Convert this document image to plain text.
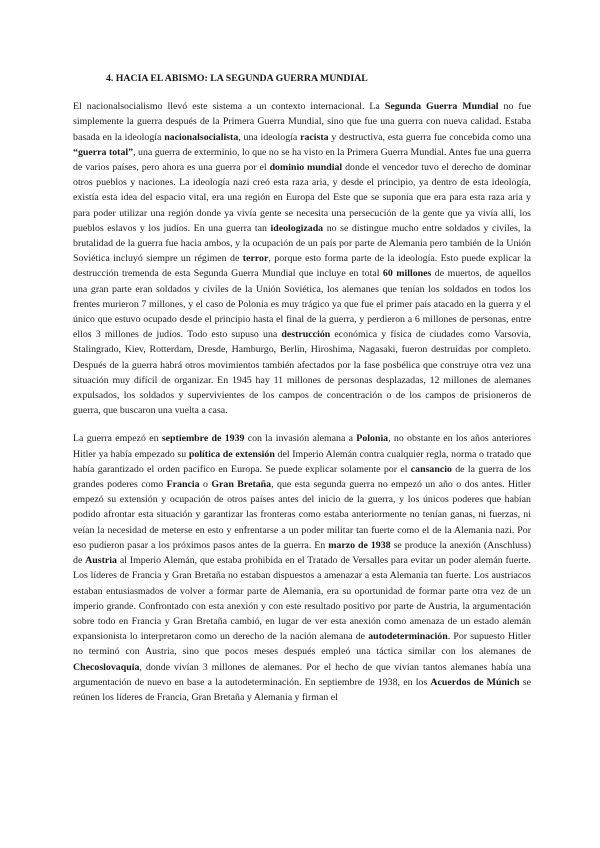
4. HACIA EL ABISMO: LA SEGUNDA GUERRA MUNDIAL

El nacionalsocialismo llevó este sistema a un contexto internacional. La Segunda Guerra Mundial no fue simplemente la guerra después de la Primera Guerra Mundial, sino que fue una guerra con nueva calidad. Estaba basada en la ideología nacionalsocialista, una ideología racista y destructiva, esta guerra fue concebida como una “guerra total”, una guerra de exterminio, lo que no se ha visto en la Primera Guerra Mundial. Antes fue una guerra de varios países, pero ahora es una guerra por el dominio mundial donde el vencedor tuvo el derecho de dominar otros pueblos y naciones. La ideología nazi creó esta raza aria, y desde el principio, ya dentro de esta ideología, existía esta idea del espacio vital, era una región en Europa del Este que se suponía que era para esta raza aria y para poder utilizar una región donde ya vivía gente se necesita una persecución de la gente que ya vivía allí, los pueblos eslavos y los judíos. En una guerra tan ideologizada no se distingue mucho entre soldados y civiles, la brutalidad de la guerra fue hacia ambos, y la ocupación de un país por parte de Alemania pero también de la Unión Soviética incluyó siempre un régimen de terror, porque esto forma parte de la ideología. Esto puede explicar la destrucción tremenda de esta Segunda Guerra Mundial que incluye en total 60 millones de muertos, de aquellos una gran parte eran soldados y civiles de la Unión Soviética, los alemanes que tenían los soldados en todos los frentes murieron 7 millones, y el caso de Polonia es muy trágico ya que fue el primer país atacado en la guerra y el único que estuvo ocupado desde el principio hasta el final de la guerra, y perdieron a 6 millones de personas, entre ellos 3 millones de judíos. Todo esto supuso una destrucción económica y física de ciudades como Varsovia, Stalingrado, Kiev, Rotterdam, Dresde, Hamburgo, Berlín, Hiroshima, Nagasaki, fueron destruidas por completo. Después de la guerra habrá otros movimientos también afectados por la fase posbélica que construye otra vez una situación muy difícil de organizar. En 1945 hay 11 millones de personas desplazadas, 12 millones de alemanes expulsados, los soldados y supervivientes de los campos de concentración o de los campos de prisioneros de guerra, que buscaron una vuelta a casa.

La guerra empezó en septiembre de 1939 con la invasión alemana a Polonia, no obstante en los años anteriores Hitler ya había empezado su política de extensión del Imperio Alemán contra cualquier regla, norma o tratado que había garantizado el orden pacífico en Europa. Se puede explicar solamente por el cansancio de la guerra de los grandes poderes como Francia o Gran Bretaña, que esta segunda guerra no empezó un año o dos antes. Hitler empezó su extensión y ocupación de otros países antes del inicio de la guerra, y los únicos poderes que habían podido afrontar esta situación y garantizar las fronteras como estaba anteriormente no tenían ganas, ni fuerzas, ni veían la necesidad de meterse en esto y enfrentarse a un poder militar tan fuerte como el de la Alemania nazi. Por eso pudieron pasar a los próximos pasos antes de la guerra. En marzo de 1938 se produce la anexión (Anschluss) de Austria al Imperio Alemán, que estaba prohibida en el Tratado de Versalles para evitar un poder alemán fuerte. Los líderes de Francia y Gran Bretaña no estaban dispuestos a amenazar a esta Alemania tan fuerte. Los austriacos estaban entusiasmados de volver a formar parte de Alemania, era su oportunidad de formar parte otra vez de un imperio grande. Confrontado con esta anexión y con este resultado positivo por parte de Austria, la argumentación sobre todo en Francia y Gran Bretaña cambió, en lugar de ver esta anexión como amenaza de un estado alemán expansionista lo interpretaron como un derecho de la nación alemana de autodeterminación. Por supuesto Hitler no terminó con Austria, sino que pocos meses después empleó una táctica similar con los alemanes de Checoslovaquia, donde vivían 3 millones de alemanes. Por el hecho de que vivían tantos alemanes había una argumentación de nuevo en base a la autodeterminación. En septiembre de 1938, en los Acuerdos de Múnich se reúnen los líderes de Francia, Gran Bretaña y Alemania y firman el
